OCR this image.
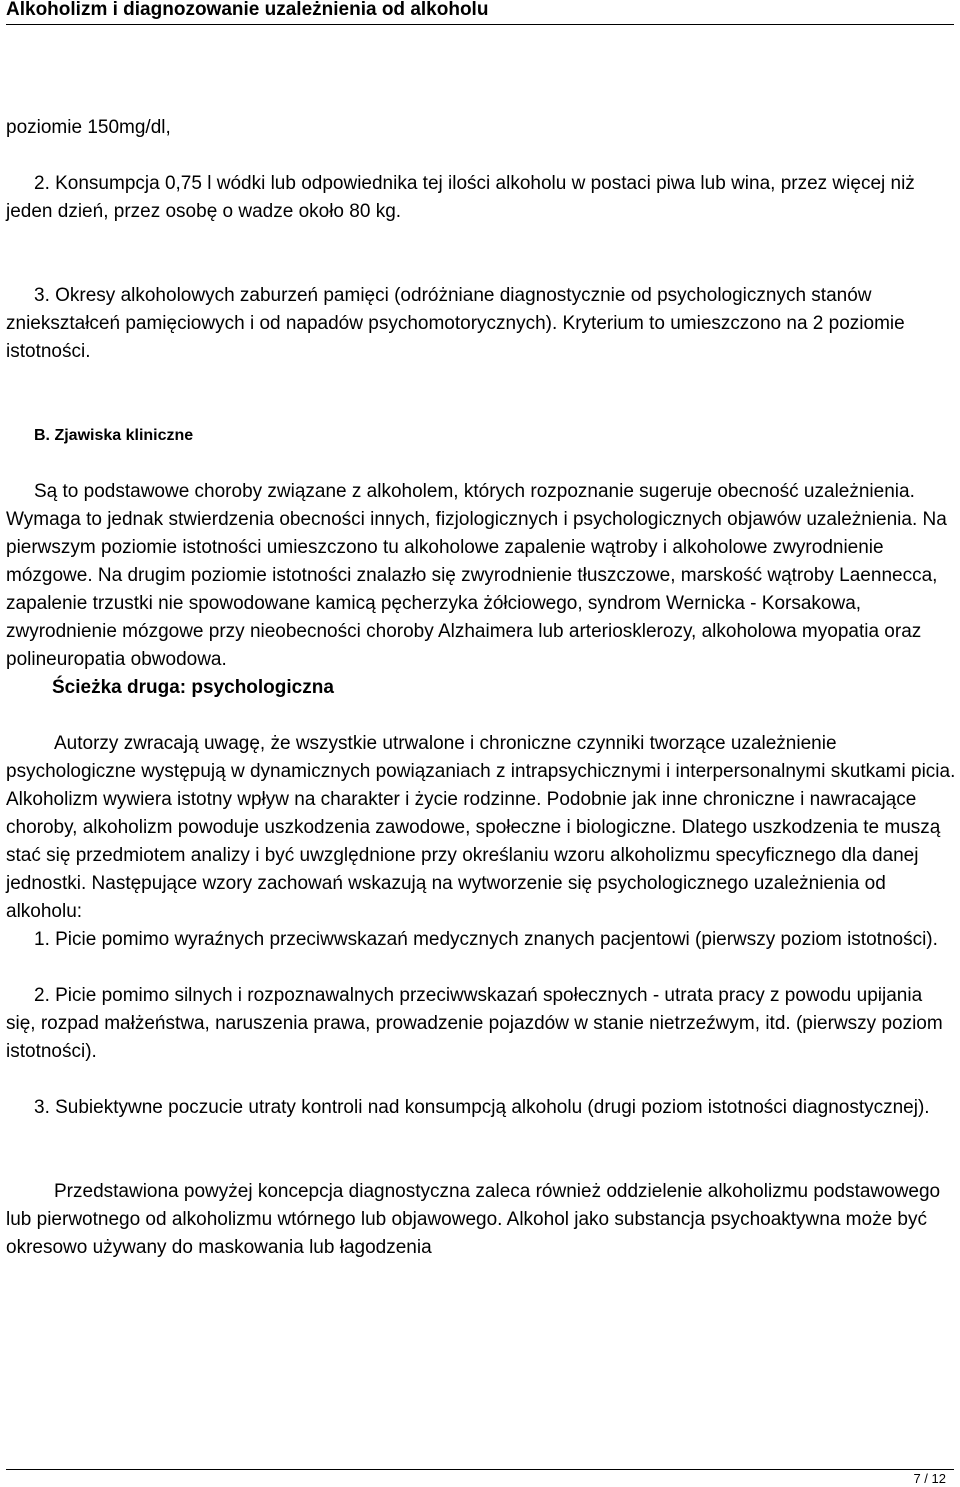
Alkoholizm i diagnozowanie uzależnienia od alkoholu

poziomie 150mg/dl,

2. Konsumpcja 0,75 l wódki lub odpowiednika tej ilości alkoholu w postaci piwa lub wina, przez więcej niż jeden dzień, przez osobę o wadze około 80 kg.

3. Okresy alkoholowych zaburzeń pamięci (odróżniane diagnostycznie od psychologicznych stanów zniekształceń pamięciowych i od napadów psychomotorycznych). Kryterium to umieszczono na 2 poziomie istotności.

B. Zjawiska kliniczne

Są to podstawowe choroby związane z alkoholem, których rozpoznanie sugeruje obecność uzależnienia. Wymaga to jednak stwierdzenia obecności innych, fizjologicznych i psychologicznych objawów uzależnienia. Na pierwszym poziomie istotności umieszczono tu alkoholowe zapalenie wątroby i alkoholowe zwyrodnienie mózgowe. Na drugim poziomie istotności znalazło się zwyrodnienie tłuszczowe, marskość wątroby Laennecca, zapalenie trzustki nie spowodowane kamicą pęcherzyka żółciowego, syndrom Wernicka - Korsakowa, zwyrodnienie mózgowe przy nieobecności choroby Alzhaimera lub arteriosklerozy, alkoholowa myopatia oraz polineuropatia obwodowa.

Ścieżka druga: psychologiczna

Autorzy zwracają uwagę, że wszystkie utrwalone i chroniczne czynniki tworzące uzależnienie psychologiczne występują w dynamicznych powiązaniach z intrapsychicznymi i interpersonalnymi skutkami picia. Alkoholizm wywiera istotny wpływ na charakter i życie rodzinne. Podobnie jak inne chroniczne i nawracające choroby, alkoholizm powoduje uszkodzenia zawodowe, społeczne i biologiczne. Dlatego uszkodzenia te muszą stać się przedmiotem analizy i być uwzględnione przy określaniu wzoru alkoholizmu specyficznego dla danej jednostki. Następujące wzory zachowań wskazują na wytworzenie się psychologicznego uzależnienia od alkoholu:

1. Picie pomimo wyraźnych przeciwwskazań medycznych znanych pacjentowi (pierwszy poziom istotności).

2. Picie pomimo silnych i rozpoznawalnych przeciwwskazań społecznych - utrata pracy z powodu upijania się, rozpad małżeństwa, naruszenia prawa, prowadzenie pojazdów w stanie nietrzeźwym, itd. (pierwszy poziom istotności).

3. Subiektywne poczucie utraty kontroli nad konsumpcją alkoholu (drugi poziom istotności diagnostycznej).

Przedstawiona powyżej koncepcja diagnostyczna zaleca również oddzielenie alkoholizmu podstawowego lub pierwotnego od alkoholizmu wtórnego lub objawowego. Alkohol jako substancja psychoaktywna może być okresowo używany do maskowania lub łagodzenia

7 / 12
